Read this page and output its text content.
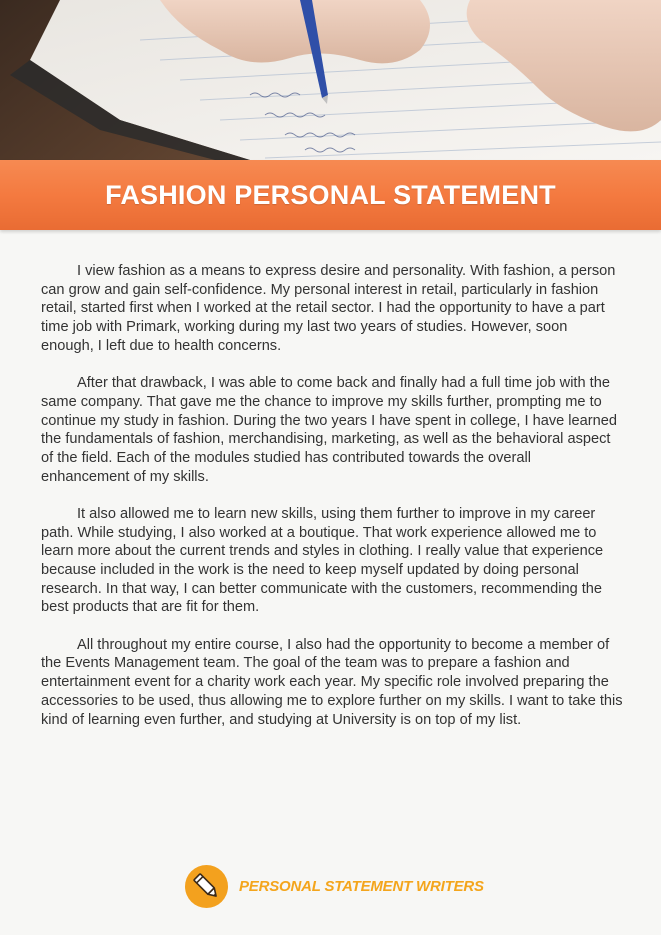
FASHION PERSONAL STATEMENT

I view fashion as a means to express desire and personality. With fashion, a person can grow and gain self-confidence. My personal interest in retail, particularly in fashion retail, started first when I worked at the retail sector. I had the opportunity to have a part time job with Primark, working during my last two years of studies. However, soon enough, I left due to health concerns.

After that drawback, I was able to come back and finally had a full time job with the same company. That gave me the chance to improve my skills further, prompting me to continue my study in fashion. During the two years I have spent in college, I have learned the fundamentals of fashion, merchandising, marketing, as well as the behavioral aspect of the field. Each of the modules studied has contributed towards the overall enhancement of my skills.

It also allowed me to learn new skills, using them further to improve in my career path. While studying, I also worked at a boutique. That work experience allowed me to learn more about the current trends and styles in clothing. I really value that experience because included in the work is the need to keep myself updated by doing personal research. In that way, I can better communicate with the customers, recommending the best products that are fit for them.

All throughout my entire course, I also had the opportunity to become a member of the Events Management team. The goal of the team was to prepare a fashion and entertainment event for a charity work each year. My specific role involved preparing the accessories to be used, thus allowing me to explore further on my skills. I want to take this kind of learning even further, and studying at University is on top of my list.

PERSONAL STATEMENT WRITERS
